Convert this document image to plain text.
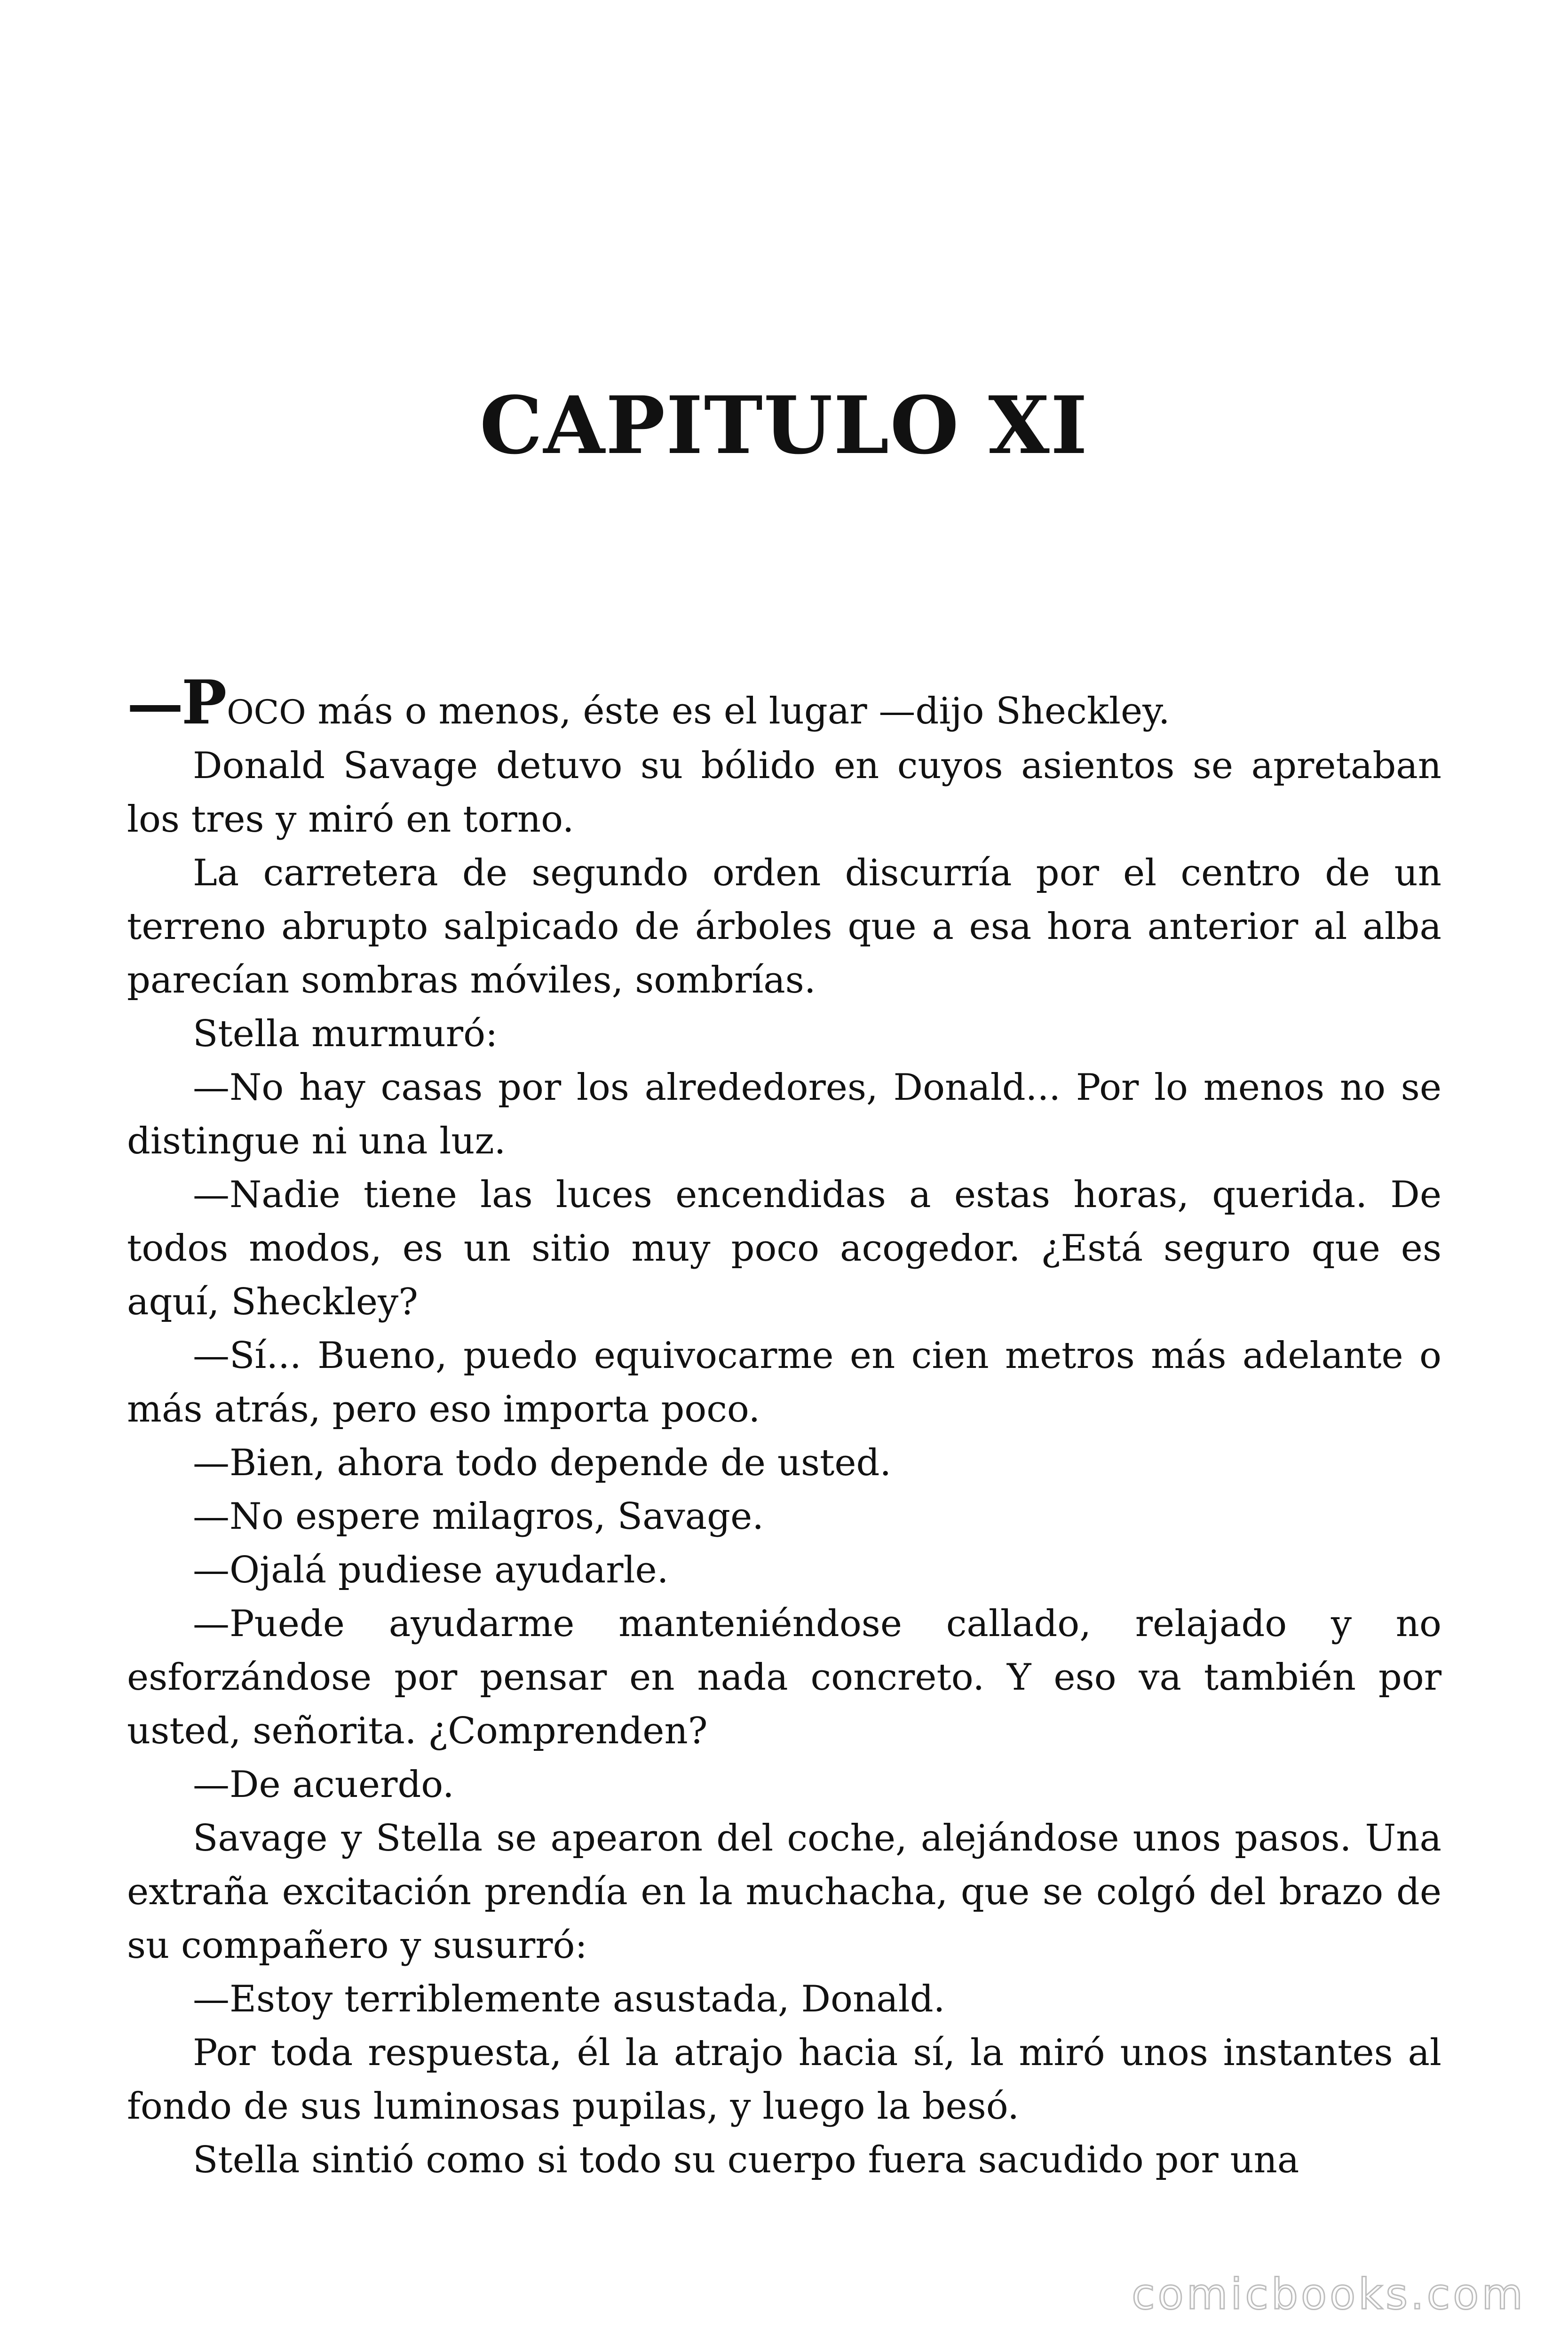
CAPITULO XI

—POCO más o menos, éste es el lugar —dijo Sheckley.

Donald Savage detuvo su bólido en cuyos asientos se apretaban los tres y miró en torno.

La carretera de segundo orden discurría por el centro de un terreno abrupto salpicado de árboles que a esa hora anterior al alba parecían sombras móviles, sombrías.

Stella murmuró:

—No hay casas por los alrededores, Donald... Por lo menos no se distingue ni una luz.

—Nadie tiene las luces encendidas a estas horas, querida. De todos modos, es un sitio muy poco acogedor. ¿Está seguro que es aquí, Sheckley?

—Sí... Bueno, puedo equivocarme en cien metros más adelante o más atrás, pero eso importa poco.

—Bien, ahora todo depende de usted.

—No espere milagros, Savage.

—Ojalá pudiese ayudarle.

—Puede ayudarme manteniéndose callado, relajado y no esforzándose por pensar en nada concreto. Y eso va también por usted, señorita. ¿Comprenden?

—De acuerdo.

Savage y Stella se apearon del coche, alejándose unos pasos. Una extraña excitación prendía en la muchacha, que se colgó del brazo de su compañero y susurró:

—Estoy terriblemente asustada, Donald.

Por toda respuesta, él la atrajo hacia sí, la miró unos instantes al fondo de sus luminosas pupilas, y luego la besó.

Stella sintió como si todo su cuerpo fuera sacudido por una

comicbooks.com
